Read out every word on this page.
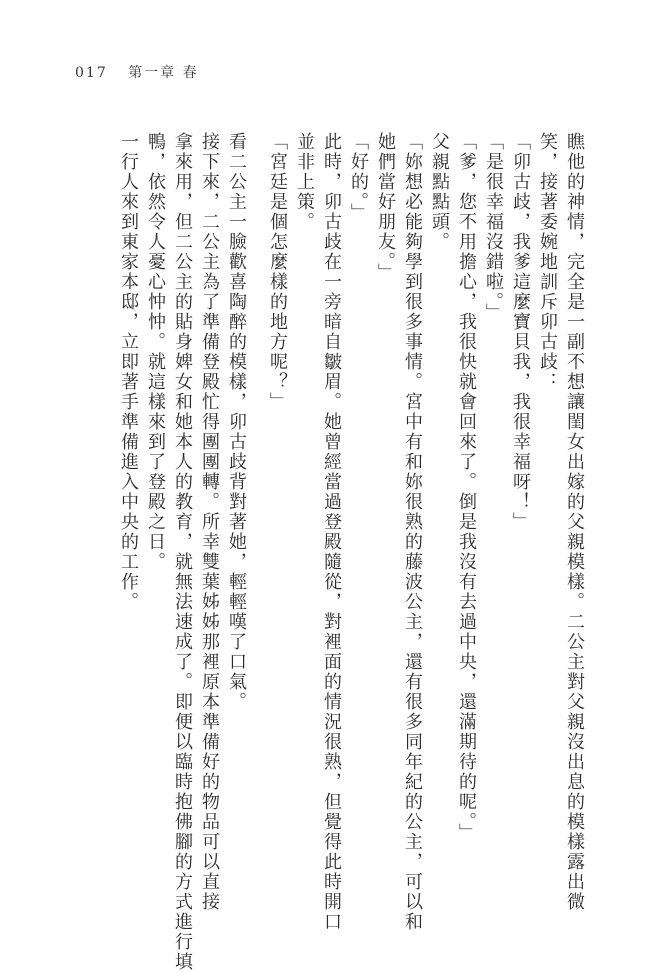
017 第一章 春

瞧他的神情，完全是一副不想讓閨女出嫁的父親模樣。二公主對父親沒出息的模樣露出微

笑，接著委婉地訓斥卯古歧：

「卯古歧，我爹這麼寶貝我，我很幸福呀！」

「是很幸福沒錯啦。」

「爹，您不用擔心，我很快就會回來了。倒是我沒有去過中央，還滿期待的呢。」

父親點點頭。

「妳想必能夠學到很多事情。宮中有和妳很熟的藤波公主，還有很多同年紀的公主，可以和

她們當好朋友。」

「好的。」

此時，卯古歧在一旁暗自皺眉。她曾經當過登殿隨從，對裡面的情況很熟，但覺得此時開口

並非上策。

「宮廷是個怎麼樣的地方呢？」

看二公主一臉歡喜陶醉的模樣，卯古歧背對著她，輕輕嘆了口氣。

接下來，二公主為了準備登殿忙得團團轉。所幸雙葉姊姊那裡原本準備好的物品可以直接

拿來用，但二公主的貼身婢女和她本人的教育，就無法速成了。即便以臨時抱佛腳的方式進行填

鴨，依然令人憂心忡忡。就這樣來到了登殿之日。

一行人來到東家本邸，立即著手準備進入中央的工作。
